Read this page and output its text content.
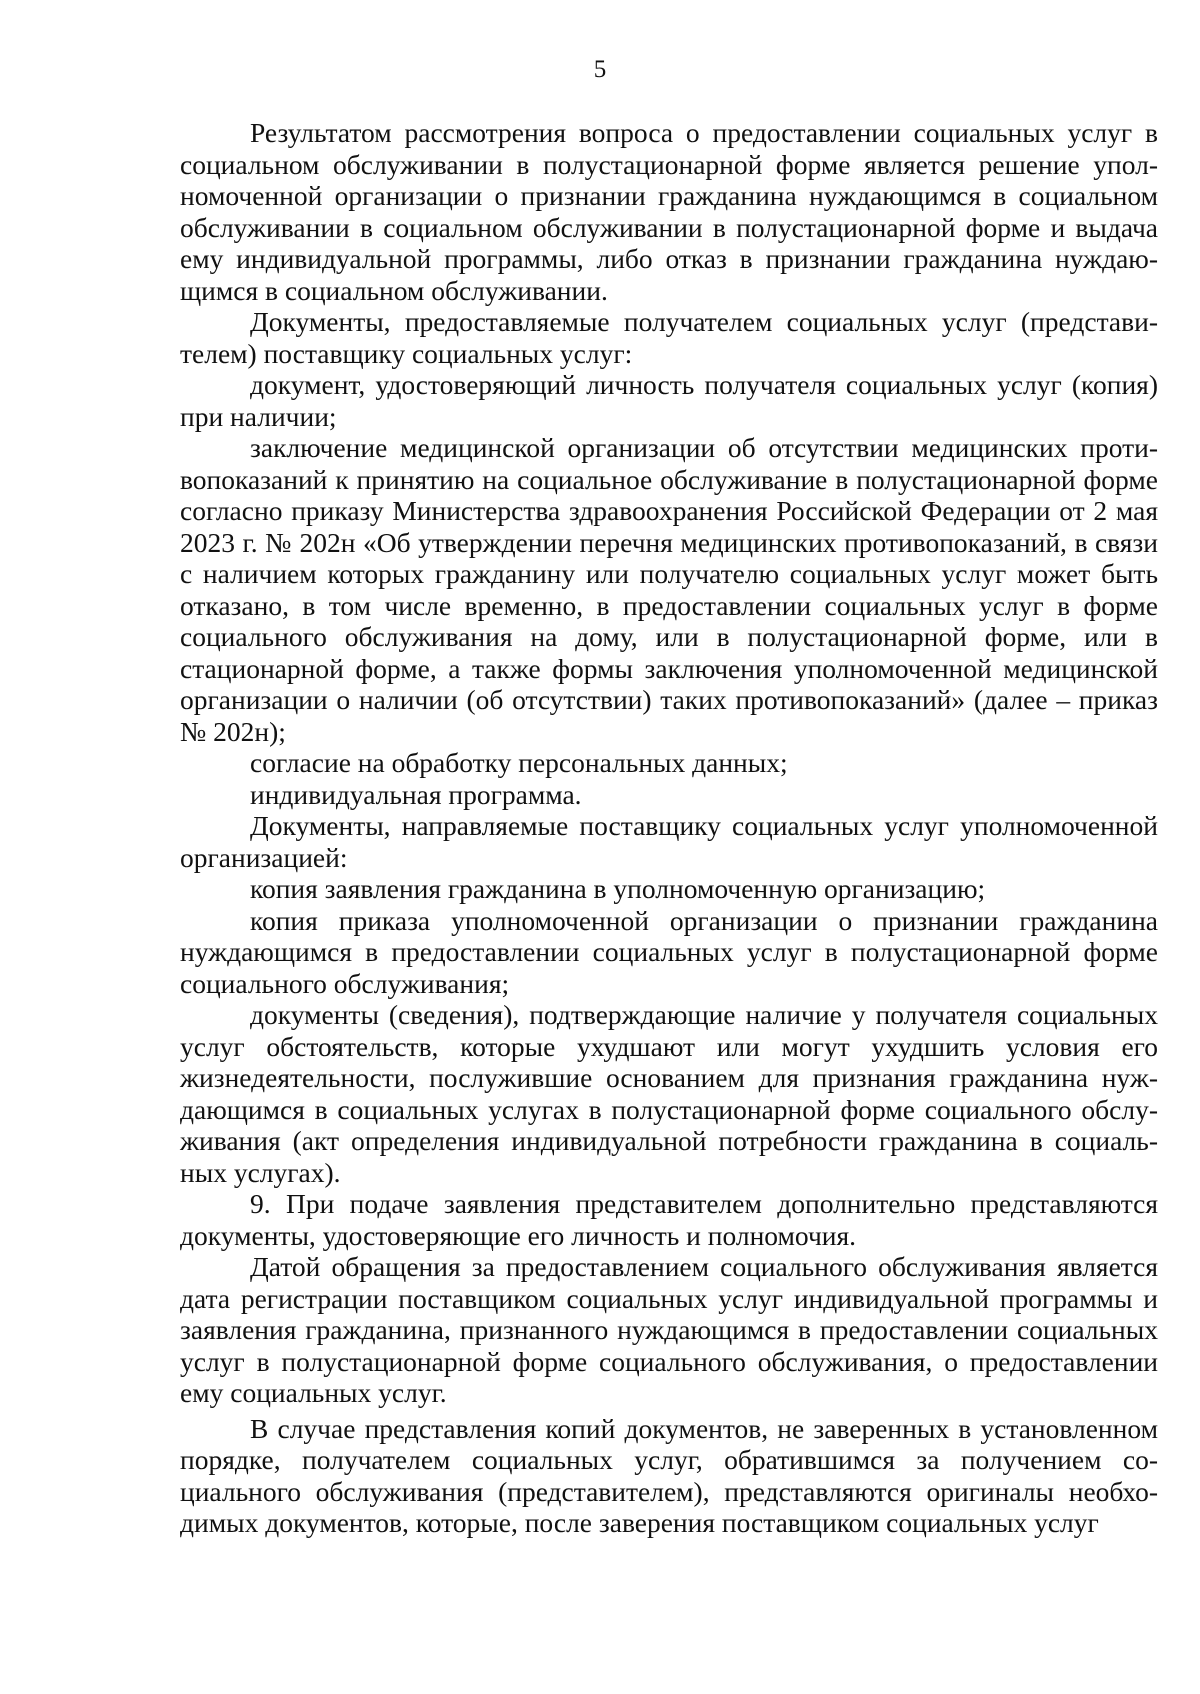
5

Результатом рассмотрения вопроса о предоставлении социальных услуг в социальном обслуживании в полустационарной форме является решение уполномоченной организации о признании гражданина нуждающимся в социальном обслуживании в социальном обслуживании в полустационарной форме и выдача ему индивидуальной программы, либо отказ в признании гражданина нуждающимся в социальном обслуживании.

Документы, предоставляемые получателем социальных услуг (представителем) поставщику социальных услуг:

документ, удостоверяющий личность получателя социальных услуг (копия) при наличии;

заключение медицинской организации об отсутствии медицинских противопоказаний к принятию на социальное обслуживание в полустационарной форме согласно приказу Министерства здравоохранения Российской Федерации от 2 мая 2023 г. № 202н «Об утверждении перечня медицинских противопоказаний, в связи с наличием которых гражданину или получателю социальных услуг может быть отказано, в том числе временно, в предоставлении социальных услуг в форме социального обслуживания на дому, или в полустационарной форме, или в стационарной форме, а также формы заключения уполномоченной медицинской организации о наличии (об отсутствии) таких противопоказаний» (далее – приказ № 202н);

согласие на обработку персональных данных;

индивидуальная программа.

Документы, направляемые поставщику социальных услуг уполномоченной организацией:

копия заявления гражданина в уполномоченную организацию;

копия приказа уполномоченной организации о признании гражданина нуждающимся в предоставлении социальных услуг в полустационарной форме социального обслуживания;

документы (сведения), подтверждающие наличие у получателя социальных услуг обстоятельств, которые ухудшают или могут ухудшить условия его жизнедеятельности, послужившие основанием для признания гражданина нуждающимся в социальных услугах в полустационарной форме социального обслуживания (акт определения индивидуальной потребности гражданина в социальных услугах).

9. При подаче заявления представителем дополнительно представляются документы, удостоверяющие его личность и полномочия.

Датой обращения за предоставлением социального обслуживания является дата регистрации поставщиком социальных услуг индивидуальной программы и заявления гражданина, признанного нуждающимся в предоставлении социальных услуг в полустационарной форме социального обслуживания, о предоставлении ему социальных услуг.

В случае представления копий документов, не заверенных в установленном порядке, получателем социальных услуг, обратившимся за получением социального обслуживания (представителем), представляются оригиналы необходимых документов, которые, после заверения поставщиком социальных услуг
